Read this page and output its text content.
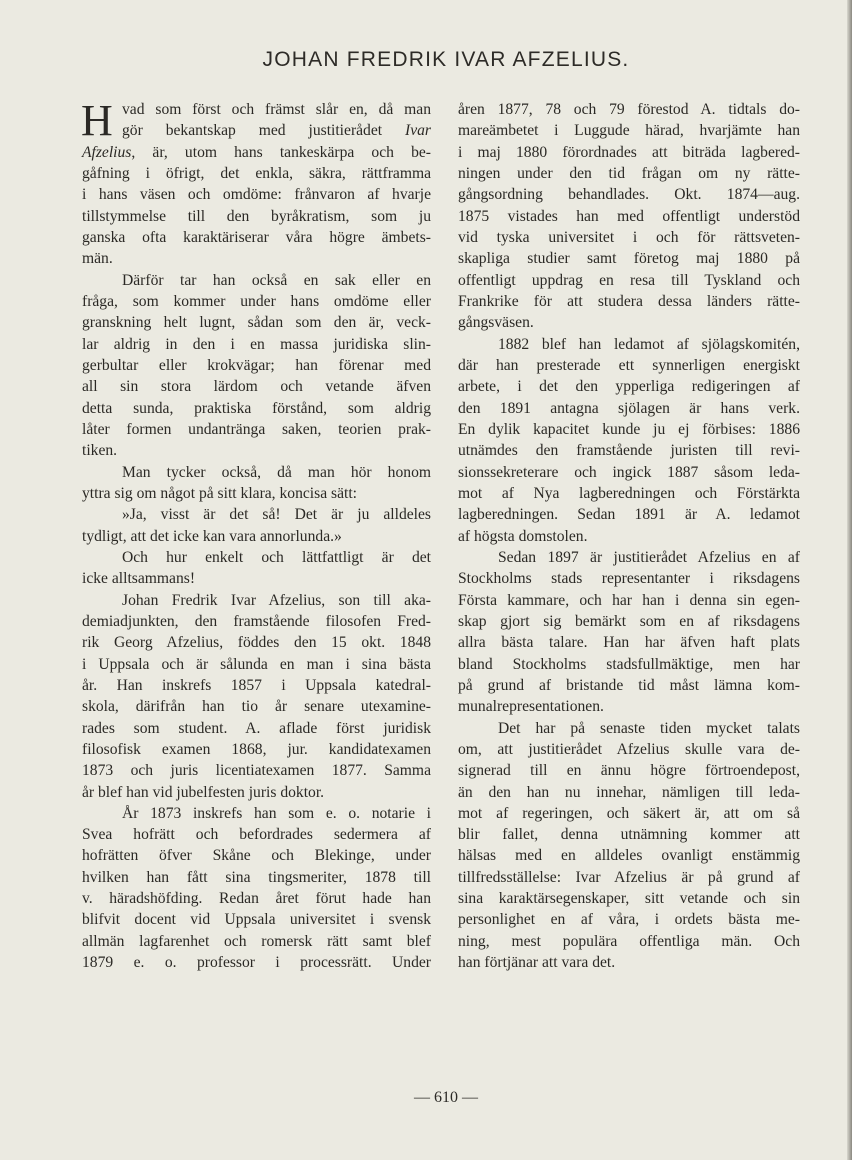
JOHAN FREDRIK IVAR AFZELIUS.
vad som först och främst slår en, då man
gör bekantskap med justitierådet Ivar
Afzelius, är, utom hans tankeskärpa och be-
gåfning i öfrigt, det enkla, säkra, rättframma
i hans väsen och omdöme: frånvaron af hvarje
tillstymmelse till den byråkratism, som ju
ganska ofta karaktäriserar våra högre ämbets-
män.
H
Därför tar han också en sak eller en
fråga, som kommer under hans omdöme eller
granskning helt lugnt, sådan som den är, veck-
lar aldrig in den i en massa juridiska slin-
gerbultar eller krokvägar; han förenar med
all sin stora lärdom och vetande äfven
detta sunda, praktiska förstånd, som aldrig
låter formen undantränga saken, teorien prak-
tiken.
Man tycker också, då man hör honom
yttra sig om något på sitt klara, koncisa sätt:
»Ja, visst är det så! Det är ju alldeles
tydligt, att det icke kan vara annorlunda.»
Och hur enkelt och lättfattligt är det
icke alltsammans!
Johan Fredrik Ivar Afzelius, son till aka-
demiadjunkten, den framstående filosofen Fred-
rik Georg Afzelius, föddes den 15 okt. 1848
i Uppsala och är sålunda en man i sina bästa
år. Han inskrefs 1857 i Uppsala katedral-
skola, därifrån han tio år senare utexamine-
rades som student. A. aflade först juridisk
filosofisk examen 1868, jur. kandidatexamen
1873 och juris licentiatexamen 1877. Samma
år blef han vid jubelfesten juris doktor.
År 1873 inskrefs han som e. o. notarie i
Svea hofrätt och befordrades sedermera af
hofrätten öfver Skåne och Blekinge, under
hvilken han fått sina tingsmeriter, 1878 till
v. häradshöfding. Redan året förut hade han
blifvit docent vid Uppsala universitet i svensk
allmän lagfarenhet och romersk rätt samt blef
1879 e. o. professor i processrätt. Under
åren 1877, 78 och 79 förestod A. tidtals do-
mareämbetet i Luggude härad, hvarjämte han
i maj 1880 förordnades att biträda lagbered-
ningen under den tid frågan om ny rätte-
gångsordning behandlades. Okt. 1874—aug.
1875 vistades han med offentligt understöd
vid tyska universitet i och för rättsveten-
skapliga studier samt företog maj 1880 på
offentligt uppdrag en resa till Tyskland och
Frankrike för att studera dessa länders rätte-
gångsväsen.
1882 blef han ledamot af sjölagskomitén,
där han presterade ett synnerligen energiskt
arbete, i det den ypperliga redigeringen af
den 1891 antagna sjölagen är hans verk.
En dylik kapacitet kunde ju ej förbises: 1886
utnämdes den framstående juristen till revi-
sionssekreterare och ingick 1887 såsom leda-
mot af Nya lagberedningen och Förstärkta
lagberedningen. Sedan 1891 är A. ledamot
af högsta domstolen.
Sedan 1897 är justitierådet Afzelius en af
Stockholms stads representanter i riksdagens
Första kammare, och har han i denna sin egen-
skap gjort sig bemärkt som en af riksdagens
allra bästa talare. Han har äfven haft plats
bland Stockholms stadsfullmäktige, men har
på grund af bristande tid måst lämna kom-
munalrepresentationen.
Det har på senaste tiden mycket talats
om, att justitierådet Afzelius skulle vara de-
signerad till en ännu högre förtroendepost,
än den han nu innehar, nämligen till leda-
mot af regeringen, och säkert är, att om så
blir fallet, denna utnämning kommer att
hälsas med en alldeles ovanligt enstämmig
tillfredsställelse: Ivar Afzelius är på grund af
sina karaktärsegenskaper, sitt vetande och sin
personlighet en af våra, i ordets bästa me-
ning, mest populära offentliga män. Och
han förtjänar att vara det.
— 610 —
